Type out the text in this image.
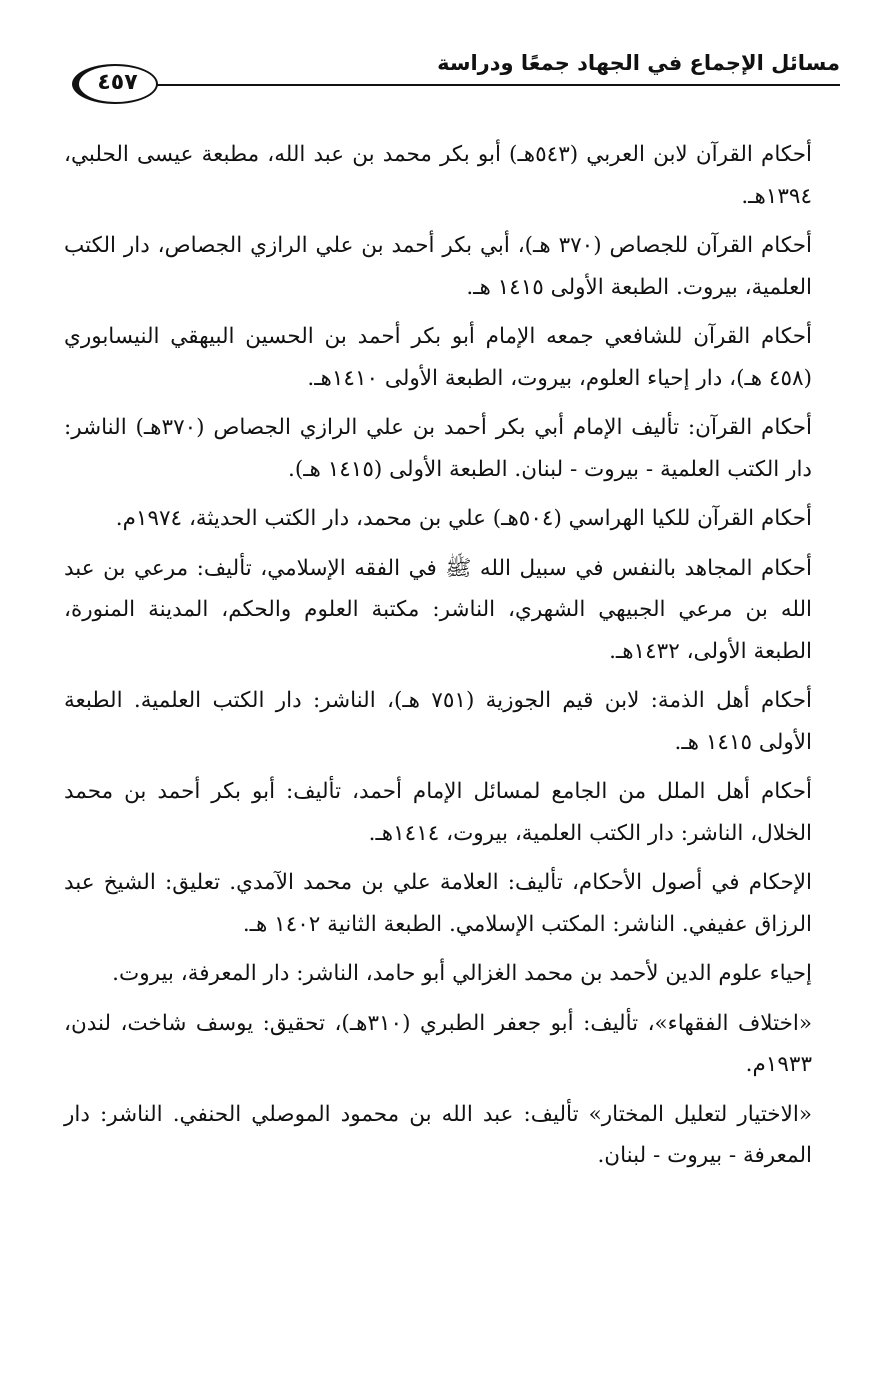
مسائل الإجماع في الجهاد جمعًا ودراسة
٤٥٧

أحكام القرآن لابن العربي (٥٤٣هـ) أبو بكر محمد بن عبد الله، مطبعة عيسى الحلبي، ١٣٩٤هـ.

أحكام القرآن للجصاص (٣٧٠ هـ)، أبي بكر أحمد بن علي الرازي الجصاص، دار الكتب العلمية، بيروت. الطبعة الأولى ١٤١٥ هـ.

أحكام القرآن للشافعي جمعه الإمام أبو بكر أحمد بن الحسين البيهقي النيسابوري (٤٥٨ هـ)، دار إحياء العلوم، بيروت، الطبعة الأولى ١٤١٠هـ.

أحكام القرآن: تأليف الإمام أبي بكر أحمد بن علي الرازي الجصاص (٣٧٠هـ) الناشر: دار الكتب العلمية - بيروت - لبنان. الطبعة الأولى (١٤١٥ هـ).

أحكام القرآن للكيا الهراسي (٥٠٤هـ) علي بن محمد، دار الكتب الحديثة، ١٩٧٤م.

أحكام المجاهد بالنفس في سبيل الله ﷺ في الفقه الإسلامي، تأليف: مرعي بن عبد الله بن مرعي الجبيهي الشهري، الناشر: مكتبة العلوم والحكم، المدينة المنورة، الطبعة الأولى، ١٤٣٢هـ.

أحكام أهل الذمة: لابن قيم الجوزية (٧٥١ هـ)، الناشر: دار الكتب العلمية. الطبعة الأولى ١٤١٥ هـ.

أحكام أهل الملل من الجامع لمسائل الإمام أحمد، تأليف: أبو بكر أحمد بن محمد الخلال، الناشر: دار الكتب العلمية، بيروت، ١٤١٤هـ.

الإحكام في أصول الأحكام، تأليف: العلامة علي بن محمد الآمدي. تعليق: الشيخ عبد الرزاق عفيفي. الناشر: المكتب الإسلامي. الطبعة الثانية ١٤٠٢ هـ.

إحياء علوم الدين لأحمد بن محمد الغزالي أبو حامد، الناشر: دار المعرفة، بيروت.

«اختلاف الفقهاء»، تأليف: أبو جعفر الطبري (٣١٠هـ)، تحقيق: يوسف شاخت، لندن، ١٩٣٣م.

«الاختيار لتعليل المختار» تأليف: عبد الله بن محمود الموصلي الحنفي. الناشر: دار المعرفة - بيروت - لبنان.
